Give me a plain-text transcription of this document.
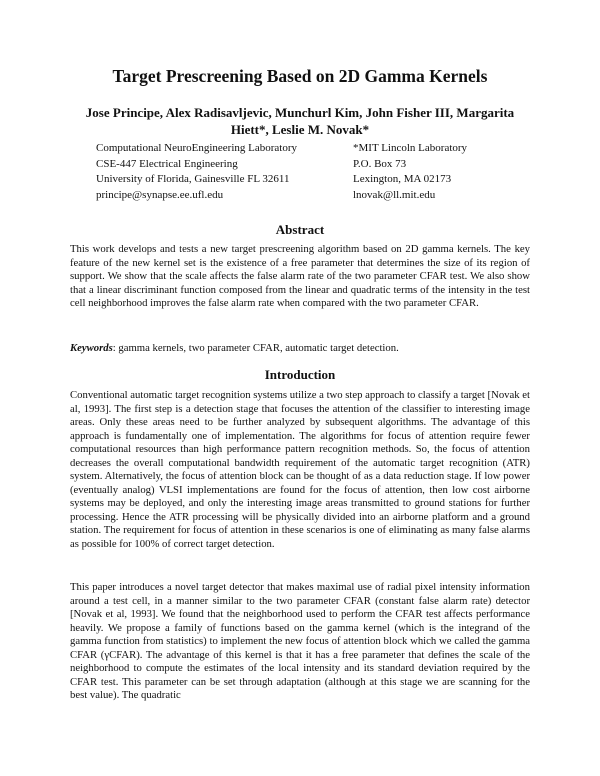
Target Prescreening Based on 2D Gamma Kernels
Jose Principe, Alex Radisavljevic, Munchurl Kim, John Fisher III, Margarita
Hiett*, Leslie M. Novak*
Computational NeuroEngineering Laboratory
CSE-447 Electrical Engineering
University of Florida, Gainesville FL 32611
principe@synapse.ee.ufl.edu
*MIT Lincoln Laboratory
P.O. Box 73
Lexington, MA 02173
lnovak@ll.mit.edu
Abstract

This work develops and tests a new target prescreening algorithm based on 2D gamma kernels. The key feature of the new kernel set is the existence of a free parameter that determines the size of its region of support. We show that the scale affects the false alarm rate of the two parameter CFAR test. We also show that a linear discriminant function composed from the linear and quadratic terms of the intensity in the test cell neighborhood improves the false alarm rate when compared with the two parameter CFAR.

Keywords: gamma kernels, two parameter CFAR, automatic target detection.

Introduction

Conventional automatic target recognition systems utilize a two step approach to classify a target [Novak et al, 1993]. The first step is a detection stage that focuses the attention of the classifier to interesting image areas. Only these areas need to be further analyzed by subsequent algorithms. The advantage of this approach is fundamentally one of implementation. The algorithms for focus of attention require fewer computational resources than high performance pattern recognition methods. So, the focus of attention decreases the overall computational bandwidth requirement of the automatic target recognition (ATR) system. Alternatively, the focus of attention block can be thought of as a data reduction stage. If low power (eventually analog) VLSI implementations are found for the focus of attention, then low cost airborne systems may be deployed, and only the interesting image areas transmitted to ground stations for further processing. Hence the ATR processing will be physically divided into an airborne platform and a ground station. The requirement for focus of attention in these scenarios is one of eliminating as many false alarms as possible for 100% of correct target detection.

This paper introduces a novel target detector that makes maximal use of radial pixel intensity information around a test cell, in a manner similar to the two parameter CFAR (constant false alarm rate) detector [Novak et al, 1993]. We found that the neighborhood used to perform the CFAR test affects performance heavily. We propose a family of functions based on the gamma kernel (which is the integrand of the gamma function from statistics) to implement the new focus of attention block which we called the gamma CFAR (γCFAR). The advantage of this kernel is that it has a free parameter that defines the scale of the neighborhood to compute the estimates of the local intensity and its standard deviation required by the CFAR test. This parameter can be set through adaptation (although at this stage we are scanning for the best value). The quadratic
